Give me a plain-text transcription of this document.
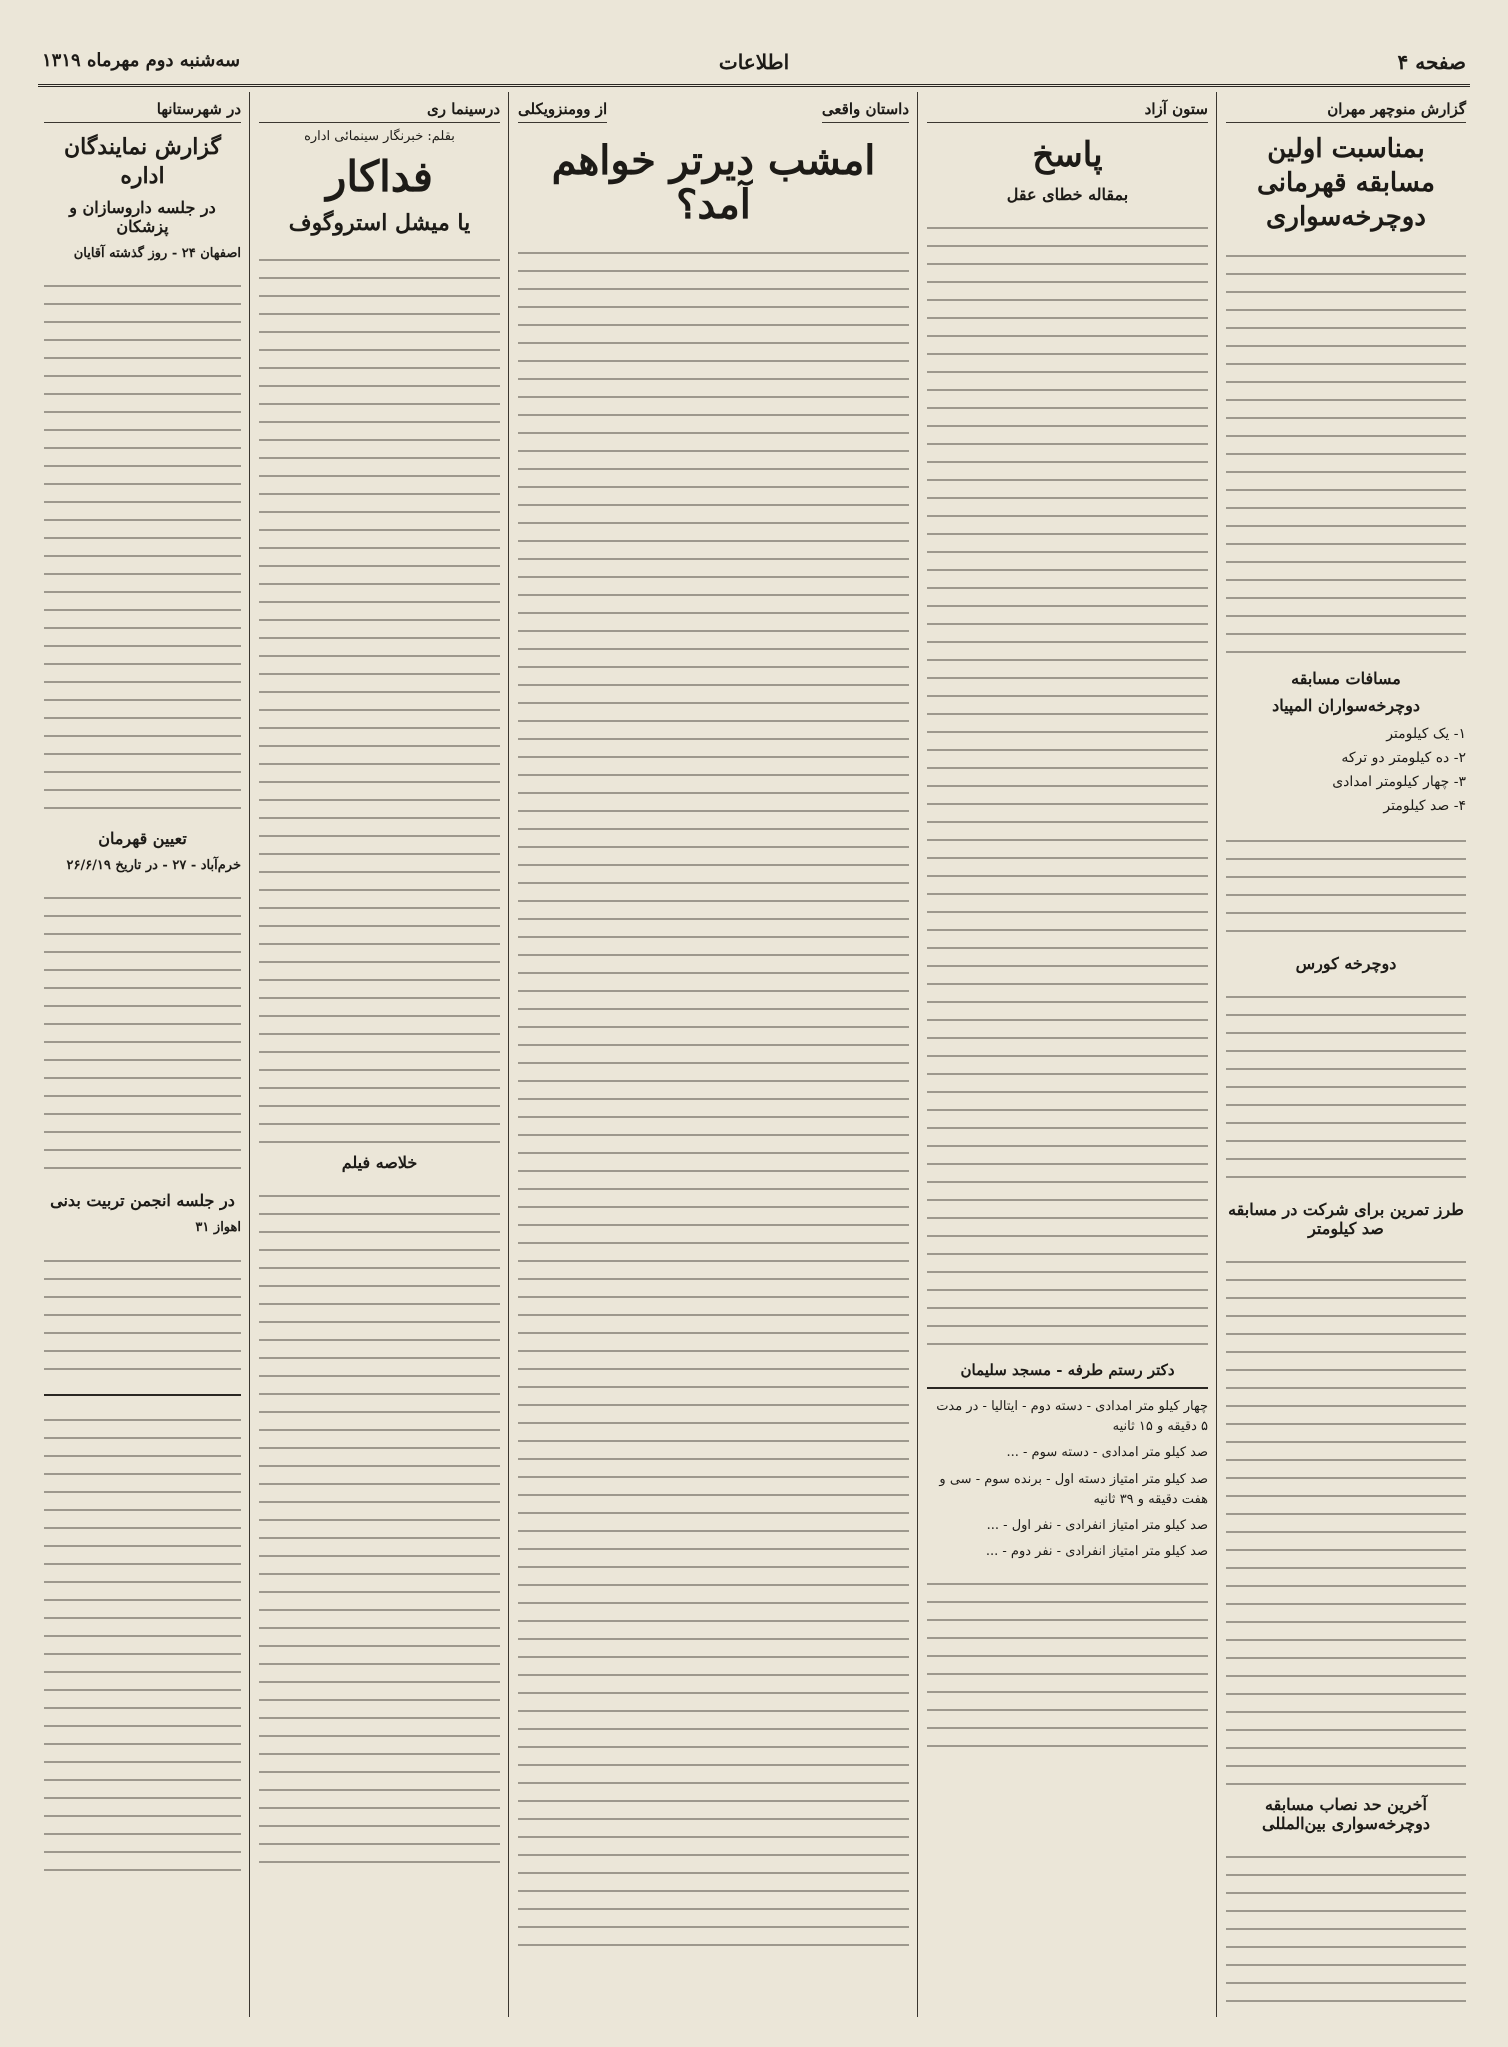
صفحه ۴
اطلاعات
سه‌شنبه دوم مهرماه ۱۳۱۹
گزارش منوچهر مهران
بمناسبت اولین مسابقه قهرمانی دوچرخه‌سواری
مسافات مسابقه
دوچرخه‌سواران المپیاد
۱- یک کیلومتر
۲- ده کیلومتر دو ترکه
۳- چهار کیلومتر امدادی
۴- صد کیلومتر
دوچرخه کورس
طرز تمرین برای شرکت در مسابقه صد کیلومتر
آخرین حد نصاب مسابقه دوچرخه‌سواری بین‌المللی
ستون آزاد
پاسخ
بمقاله خطای عقل
دکتر رستم طرفه - مسجد سلیمان
چهار کیلو متر امدادی - دسته دوم - ایتالیا - در مدت ۵ دقیقه و ۱۵ ثانیه
صد کیلو متر امدادی - دسته سوم - ...
صد کیلو متر امتیاز دسته اول - برنده سوم - سی و هفت دقیقه و ۳۹ ثانیه
صد کیلو متر امتیاز انفرادی - نفر اول - ...
صد کیلو متر امتیاز انفرادی - نفر دوم - ...
داستان واقعی
از وومنزویکلی
امشب دیرتر خواهم آمد؟
درسینما ری
بقلم: خبرنگار سینمائی اداره
فداکار
یا میشل استروگوف
خلاصه فیلم
در شهرستانها
گزارش نمایندگان اداره
در جلسه داروسازان و پزشکان
اصفهان ۲۴ - روز گذشته آقایان
تعیین قهرمان
خرم‌آباد - ۲۷ - در تاریخ ۲۶/۶/۱۹
در جلسه انجمن تربیت بدنی
اهواز ۳۱
